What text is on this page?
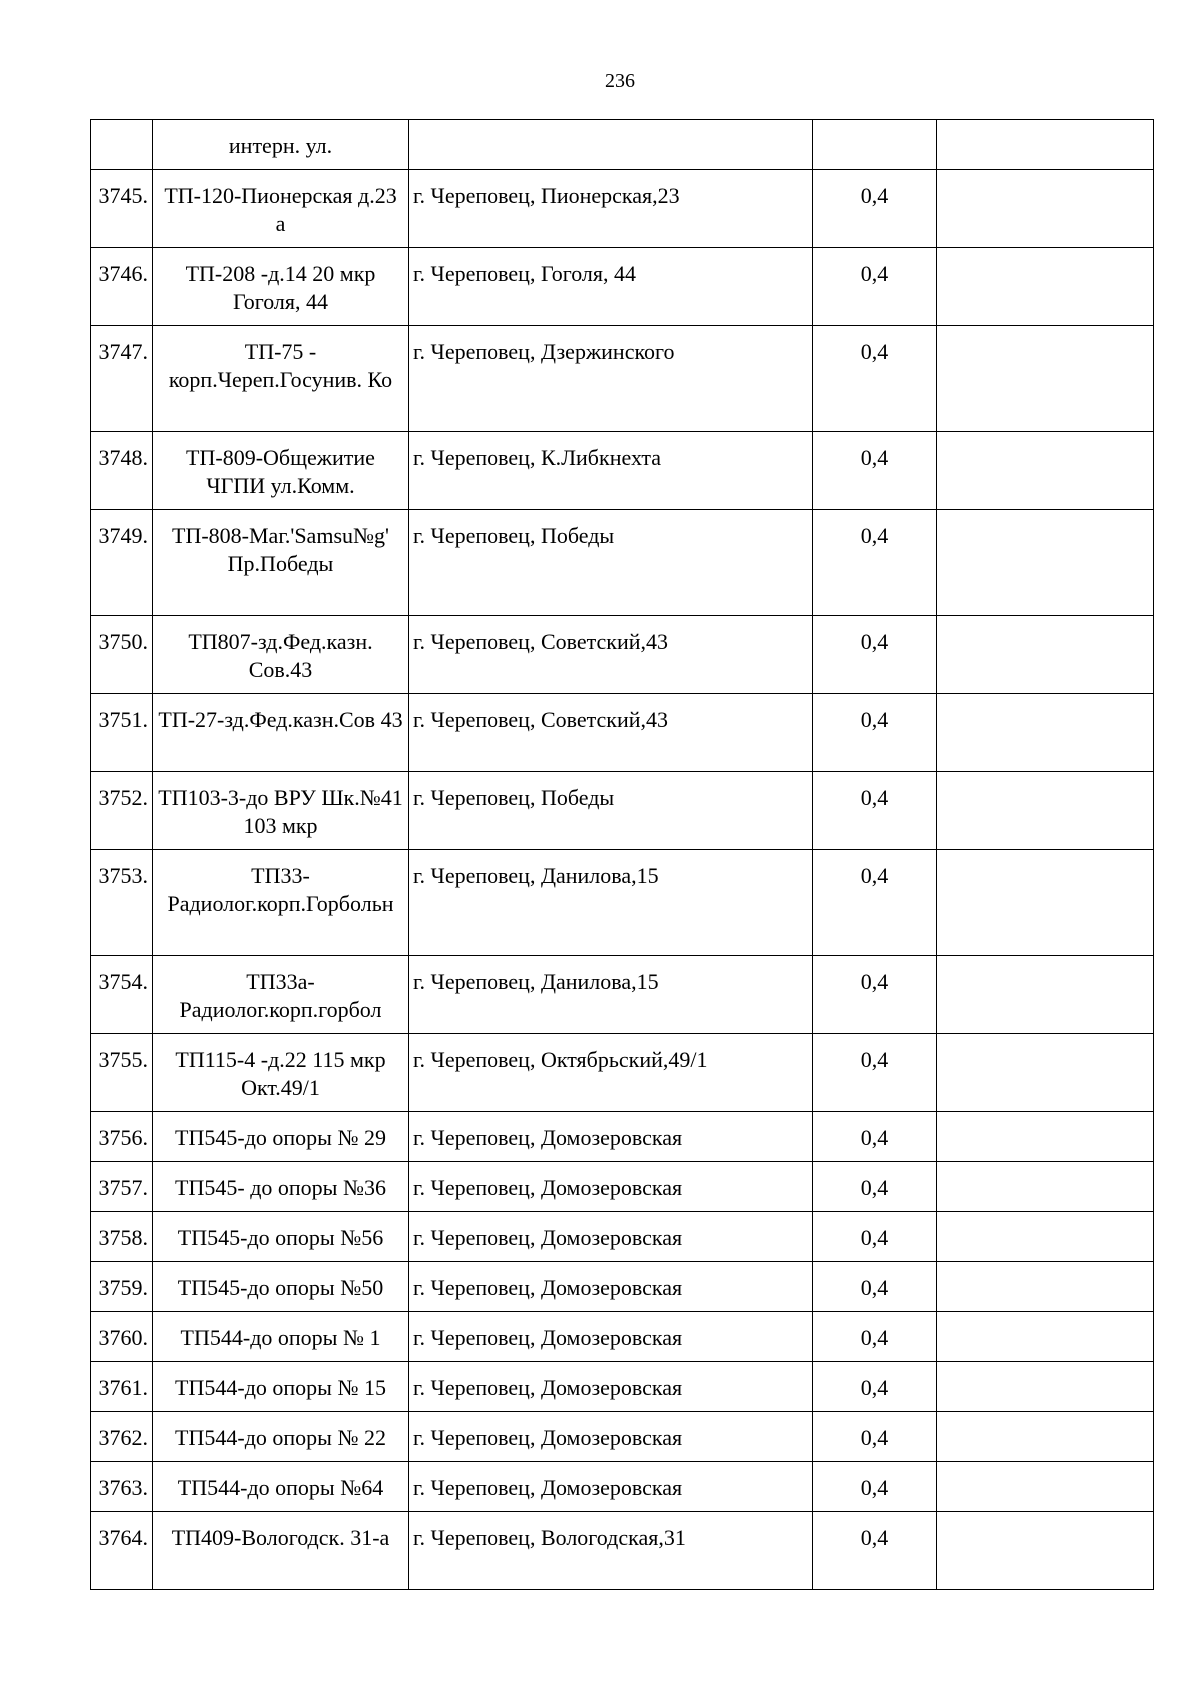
236
	интерн. ул.			
3745.	ТП-120-Пионерская д.23 а	г. Череповец, Пионерская,23	0,4	
3746.	ТП-208 -д.14 20 мкр Гоголя, 44	г. Череповец, Гоголя, 44	0,4	
3747.	ТП-75 - корп.Череп.Госунив. Ко	г. Череповец, Дзержинского	0,4	
3748.	ТП-809-Общежитие ЧГПИ ул.Комм.	г. Череповец, К.Либкнехта	0,4	
3749.	ТП-808-Маг.'Samsu№g' Пр.Победы	г. Череповец, Победы	0,4	
3750.	ТП807-зд.Фед.казн. Сов.43	г. Череповец, Советский,43	0,4	
3751.	ТП-27-зд.Фед.казн.Сов 43	г. Череповец, Советский,43	0,4	
3752.	ТП103-3-до ВРУ Шк.№41 103 мкр	г. Череповец, Победы	0,4	
3753.	ТП33-Радиолог.корп.Горбольн	г. Череповец, Данилова,15	0,4	
3754.	ТП33а-Радиолог.корп.горбол	г. Череповец, Данилова,15	0,4	
3755.	ТП115-4 -д.22 115 мкр Окт.49/1	г. Череповец, Октябрьский,49/1	0,4	
3756.	ТП545-до опоры № 29	г. Череповец, Домозеровская	0,4	
3757.	ТП545- до опоры №36	г. Череповец, Домозеровская	0,4	
3758.	ТП545-до опоры №56	г. Череповец, Домозеровская	0,4	
3759.	ТП545-до опоры №50	г. Череповец, Домозеровская	0,4	
3760.	ТП544-до опоры № 1	г. Череповец, Домозеровская	0,4	
3761.	ТП544-до опоры № 15	г. Череповец, Домозеровская	0,4	
3762.	ТП544-до опоры № 22	г. Череповец, Домозеровская	0,4	
3763.	ТП544-до опоры №64	г. Череповец, Домозеровская	0,4	
3764.	ТП409-Вологодск. 31-а	г. Череповец, Вологодская,31	0,4	
